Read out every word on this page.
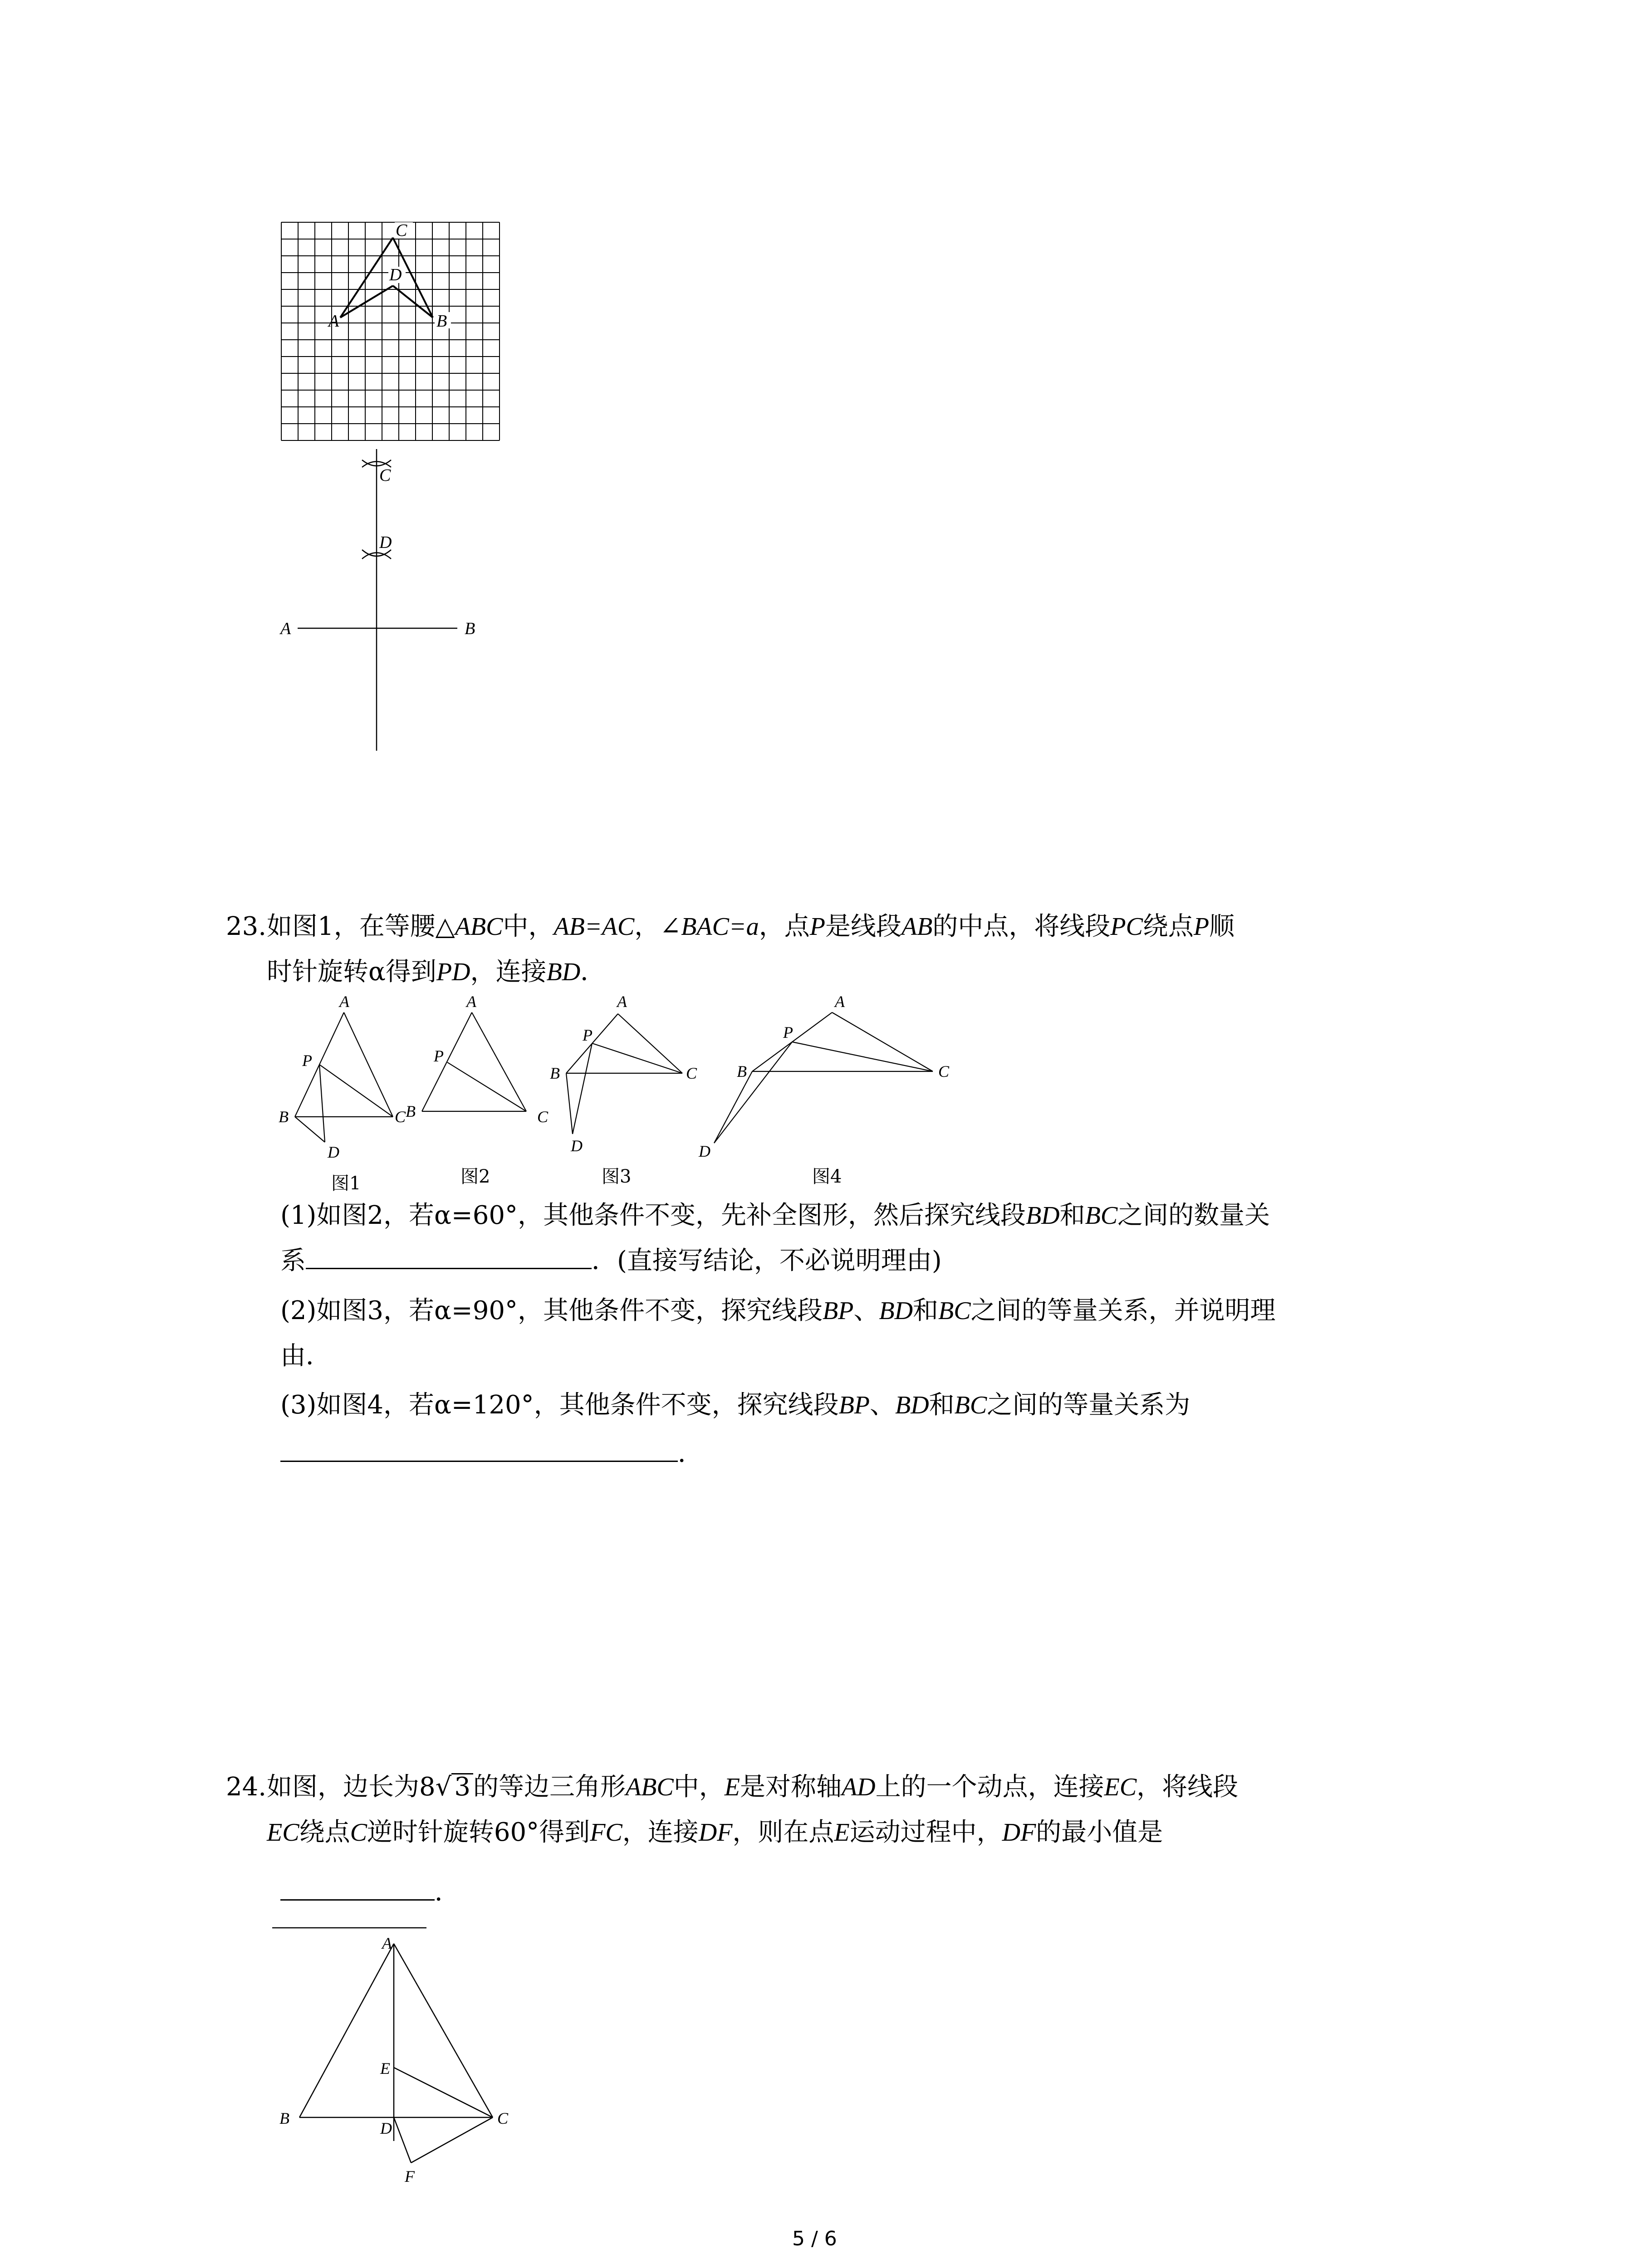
C
D
A	B
C
D
A	B
23.如图1，在等腰△ABC中，AB=AC，∠BAC=a，点P是线段AB的中点，将线段PC绕点P顺
时针旋转α得到PD，连接BD．
A
P
B	C
D
A
P
B	C
A
P
B	C
D
A
P
B	C
D
图1	图2	图3	图4
(1)如图2，若α=60°，其他条件不变，先补全图形，然后探究线段BD和BC之间的数量关
系	．(直接写结论，不必说明理由)
(2)如图3，若α=90°，其他条件不变，探究线段BP、BD和BC之间的等量关系，并说明理
由．
(3)如图4，若α=120°，其他条件不变，探究线段BP、BD和BC之间的等量关系为
．
24.如图，边长为8√ 3 的等边三角形ABC中，E是对称轴AD上的一个动点，连接EC，将线段
EC绕点C逆时针旋转60°得到FC，连接DF，则在点E运动过程中，DF的最小值是
．
A
E
B
D
C
F
5 / 6
